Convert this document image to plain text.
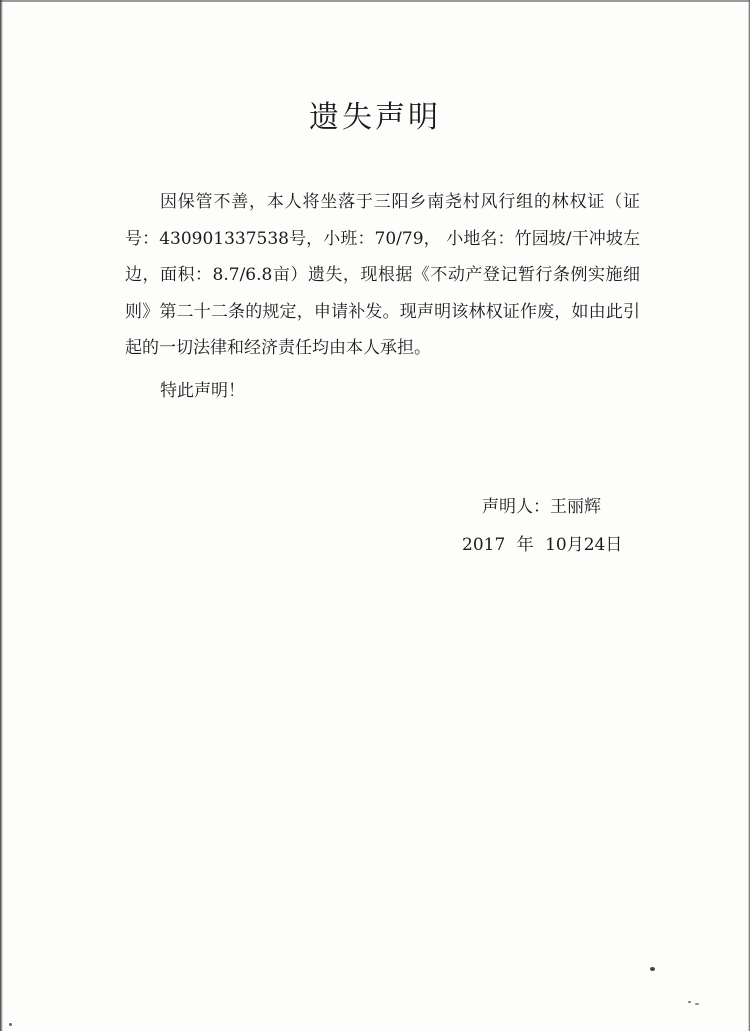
遗失声明

因保管不善，本人将坐落于三阳乡南尧村风行组的林权证（证号：430901337538号，小班：70/79， 小地名：竹园坡/干冲坡左边，面积：8.7/6.8亩）遗失，现根据《不动产登记暂行条例实施细则》第二十二条的规定，申请补发。现声明该林权证作废，如由此引起的一切法律和经济责任均由本人承担。

特此声明！

声明人：王丽辉

2017 年 10月24日
